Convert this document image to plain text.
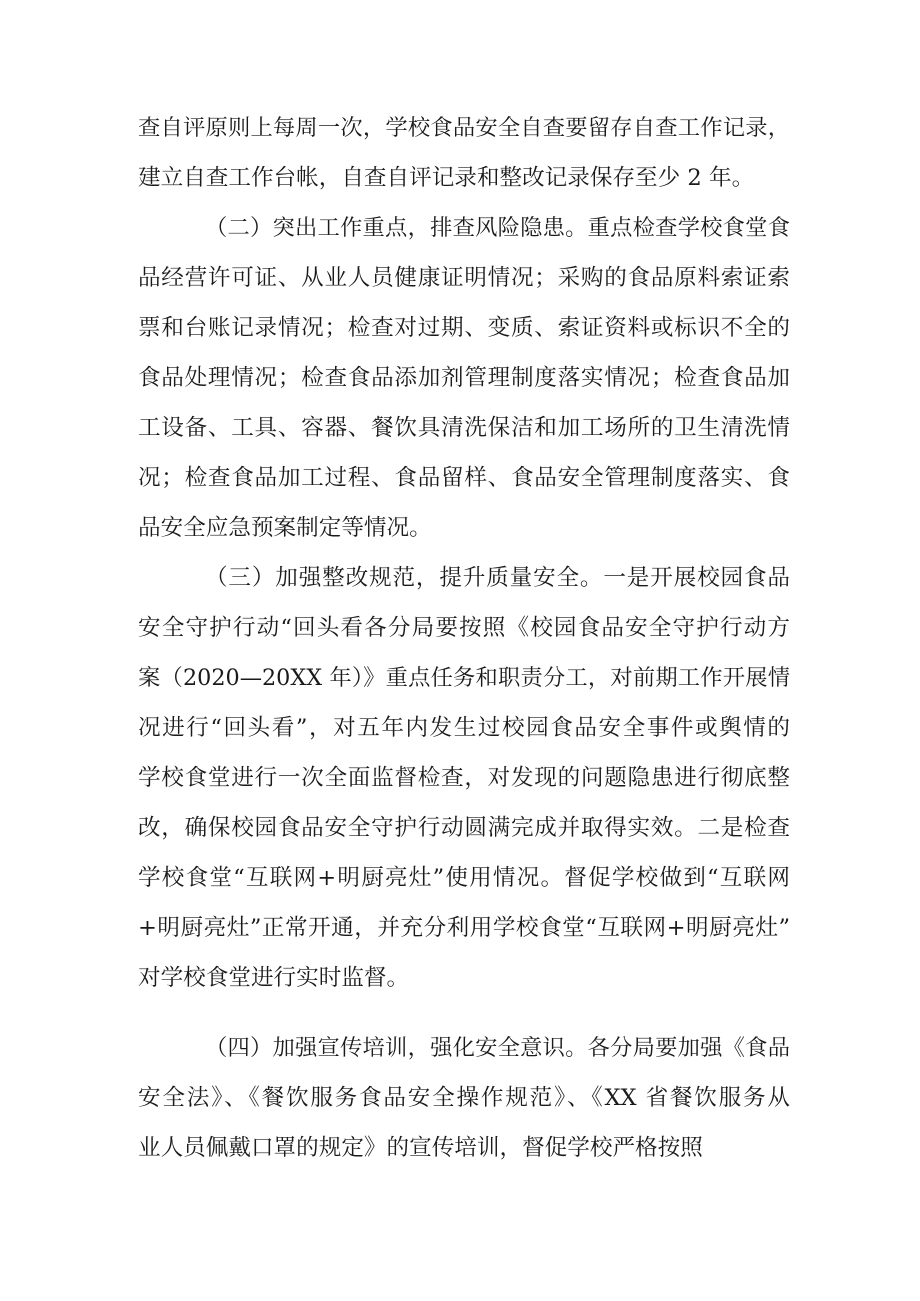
查自评原则上每周一次，学校食品安全自查要留存自查工作记录，

建立自查工作台帐，自查自评记录和整改记录保存至少 2 年。

（二）突出工作重点，排查风险隐患。重点检查学校食堂食

品经营许可证、从业人员健康证明情况；采购的食品原料索证索

票和台账记录情况；检查对过期、变质、索证资料或标识不全的

食品处理情况；检查食品添加剂管理制度落实情况；检查食品加

工设备、工具、容器、餐饮具清洗保洁和加工场所的卫生清洗情

况；检查食品加工过程、食品留样、食品安全管理制度落实、食

品安全应急预案制定等情况。

（三）加强整改规范，提升质量安全。一是开展校园食品

安全守护行动“回头看各分局要按照《校园食品安全守护行动方

案（2020—20XX 年）》重点任务和职责分工，对前期工作开展情

况进行“回头看”，对五年内发生过校园食品安全事件或舆情的

学校食堂进行一次全面监督检查，对发现的问题隐患进行彻底整

改，确保校园食品安全守护行动圆满完成并取得实效。二是检查

学校食堂“互联网+明厨亮灶”使用情况。督促学校做到“互联网

+明厨亮灶”正常开通，并充分利用学校食堂“互联网+明厨亮灶”

对学校食堂进行实时监督。

（四）加强宣传培训，强化安全意识。各分局要加强《食品

安全法》、《餐饮服务食品安全操作规范》、《XX 省餐饮服务从

业人员佩戴口罩的规定》的宣传培训，督促学校严格按照
